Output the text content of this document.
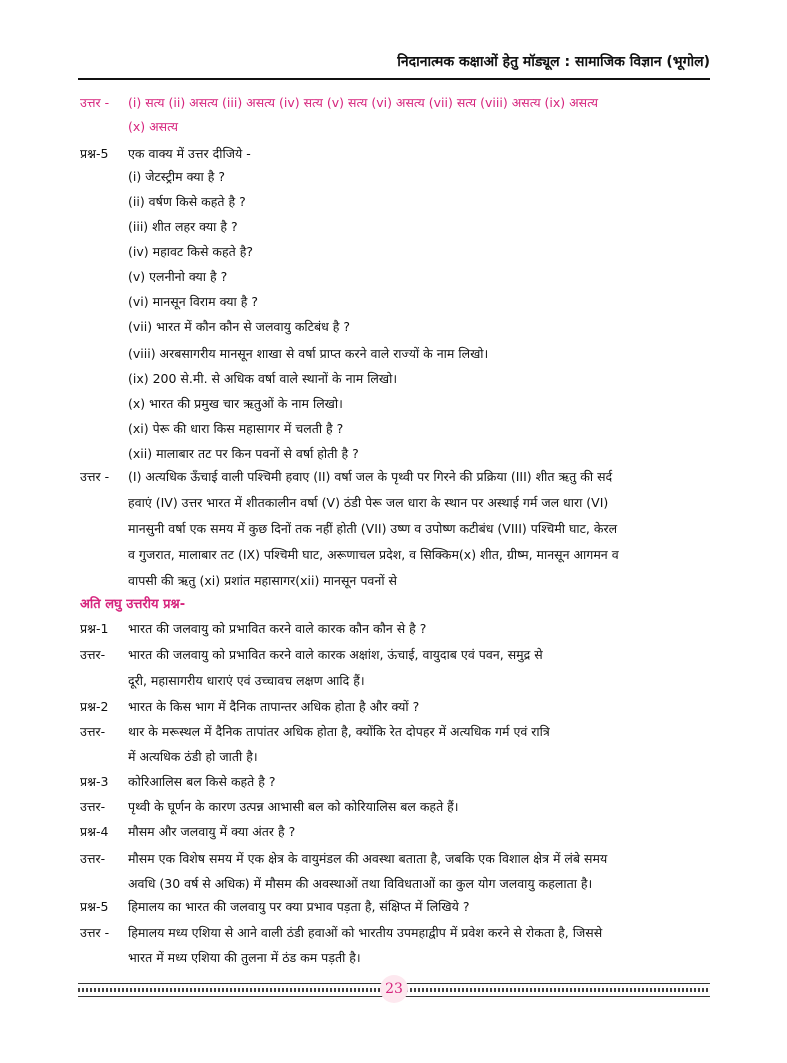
निदानात्मक कक्षाओं हेतु मॉड्यूल : सामाजिक विज्ञान (भूगोल)
उत्तर - (i) सत्य (ii) असत्य (iii) असत्य (iv) सत्य (v) सत्य (vi) असत्य (vii) सत्य (viii) असत्य (ix) असत्य
(x) असत्य
प्रश्न-5 एक वाक्य में उत्तर दीजिये -
(i) जेटस्ट्रीम क्या है ?
(ii) वर्षण किसे कहते है ?
(iii) शीत लहर क्या है ?
(iv) महावट किसे कहते है?
(v) एलनीनो क्या है ?
(vi) मानसून विराम क्या है ?
(vii) भारत में कौन कौन से जलवायु कटिबंध है ?
(viii) अरबसागरीय मानसून शाखा से वर्षा प्राप्त करने वाले राज्यों के नाम लिखो।
(ix) 200 से.मी. से अधिक वर्षा वाले स्थानों के नाम लिखो।
(x) भारत की प्रमुख चार ऋतुओं के नाम लिखो।
(xi) पेरू की धारा किस महासागर में चलती है ?
(xii) मालाबार तट पर किन पवनों से वर्षा होती है ?
उत्तर - (I) अत्यधिक ऊँचाई वाली पश्चिमी हवाए (II) वर्षा जल के पृथ्वी पर गिरने की प्रक्रिया (III) शीत ऋतु की सर्द
हवाएं (IV) उत्तर भारत में शीतकालीन वर्षा (V) ठंडी पेरू जल धारा के स्थान पर अस्थाई गर्म जल धारा (VI)
मानसुनी वर्षा एक समय में कुछ दिनों तक नहीं होती (VII) उष्ण व उपोष्ण कटीबंध (VIII) पश्चिमी घाट, केरल
व गुजरात, मालाबार तट (IX) पश्चिमी घाट, अरूणाचल प्रदेश, व सिक्किम(x) शीत, ग्रीष्म, मानसून आगमन व
वापसी की ऋतु (xi) प्रशांत महासागर(xii) मानसून पवनों से
अति लघु उत्तरीय प्रश्न-
प्रश्न-1 भारत की जलवायु को प्रभावित करने वाले कारक कौन कौन से है ?
उत्तर- भारत की जलवायु को प्रभावित करने वाले कारक अक्षांश, ऊंचाई, वायुदाब एवं पवन, समुद्र से
दूरी, महासागरीय धाराएं एवं उच्चावच लक्षण आदि हैं।
प्रश्न-2 भारत के किस भाग में दैनिक तापान्तर अधिक होता है और क्यों ?
उत्तर- थार के मरूस्थल में दैनिक तापांतर अधिक होता है, क्योंकि रेत दोपहर में अत्यधिक गर्म एवं रात्रि
में अत्यधिक ठंडी हो जाती है।
प्रश्न-3 कोरिआलिस बल किसे कहते है ?
उत्तर- पृथ्वी के घूर्णन के कारण उत्पन्न आभासी बल को कोरियालिस बल कहते हैं।
प्रश्न-4 मौसम और जलवायु में क्या अंतर है ?
उत्तर- मौसम एक विशेष समय में एक क्षेत्र के वायुमंडल की अवस्था बताता है, जबकि एक विशाल क्षेत्र में लंबे समय
अवधि (30 वर्ष से अधिक) में मौसम की अवस्थाओं तथा विविधताओं का कुल योग जलवायु कहलाता है।
प्रश्न-5 हिमालय का भारत की जलवायु पर क्या प्रभाव पड़ता है, संक्षिप्त में लिखिये ?
उत्तर - हिमालय मध्य एशिया से आने वाली ठंडी हवाओं को भारतीय उपमहाद्वीप में प्रवेश करने से रोकता है, जिससे
भारत में मध्य एशिया की तुलना में ठंड कम पड़ती है।
23
